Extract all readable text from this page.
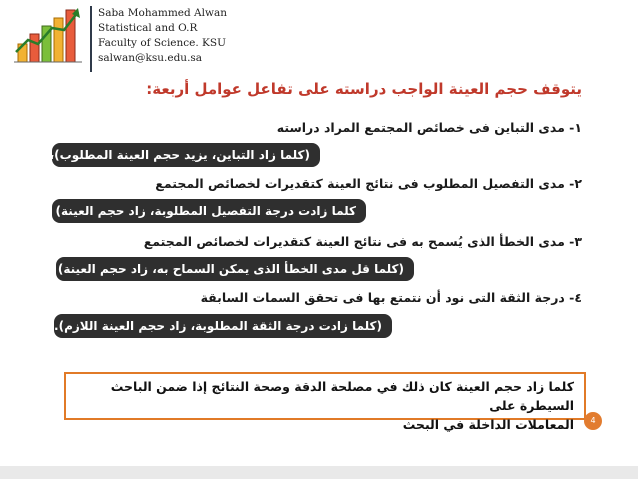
Saba Mohammed Alwan
Statistical and O.R
Faculty of Science. KSU
salwan@ksu.edu.sa
يتوقف حجم العينة الواجب دراسته على تفاعل عوامل أربعة:
١- مدى التباين فى خصائص المجتمع المراد دراسته
(كلما زاد التباين، يزيد حجم العينة المطلوب)،
٢- مدى التفصيل المطلوب فى نتائج العينة كتقديرات لخصائص المجتمع
كلما زادت درجة التفصيل المطلوبة، زاد حجم العينة)
٣- مدى الخطأ الذى يُسمح به فى نتائج العينة كتقديرات لخصائص المجتمع
(كلما قل مدى الخطأ الذى يمكن السماح به، زاد حجم العينة)
٤- درجة الثقة التى نود أن نتمتع بها فى تحقق السمات السابقة
(كلما زادت درجة الثقة المطلوبة، زاد حجم العينة اللازم).
كلما زاد حجم العينة كان ذلك في مصلحة الدقة وصحة النتائج إذا ضمن الباحث السيطرة على
المعاملات الداخلة في البحث	4
